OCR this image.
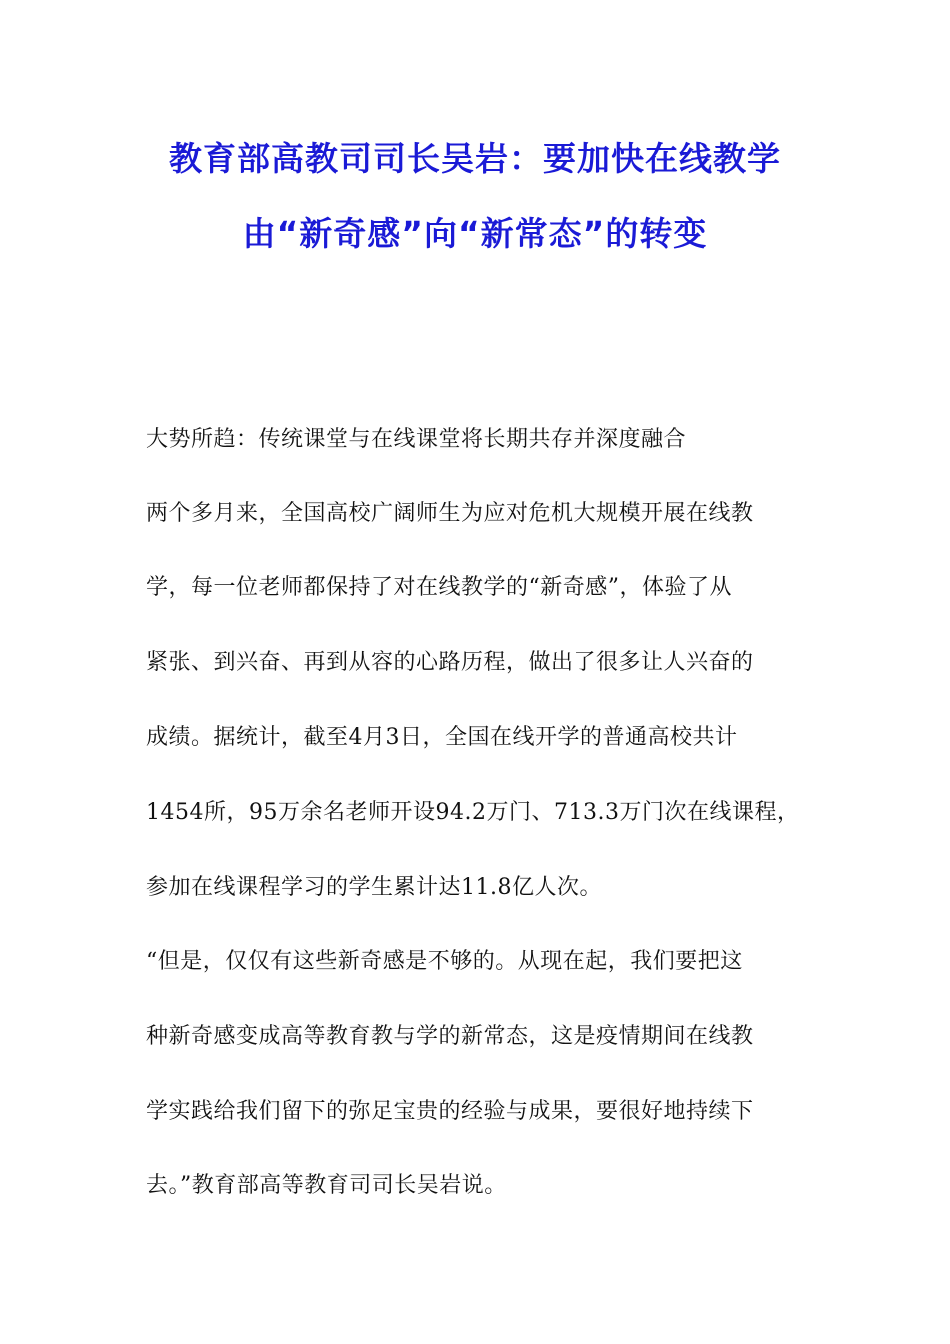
教育部高教司司长吴岩：要加快在线教学
由“新奇感”向“新常态”的转变
大势所趋：传统课堂与在线课堂将长期共存并深度融合
两个多月来，全国高校广阔师生为应对危机大规模开展在线教
学，每一位老师都保持了对在线教学的“新奇感”，体验了从
紧张、到兴奋、再到从容的心路历程，做出了很多让人兴奋的
成绩。据统计，截至4月3日，全国在线开学的普通高校共计
1454所，95万余名老师开设94.2万门、713.3万门次在线课程，
参加在线课程学习的学生累计达11.8亿人次。
“但是，仅仅有这些新奇感是不够的。从现在起，我们要把这
种新奇感变成高等教育教与学的新常态，这是疫情期间在线教
学实践给我们留下的弥足宝贵的经验与成果，要很好地持续下
去。”教育部高等教育司司长吴岩说。
